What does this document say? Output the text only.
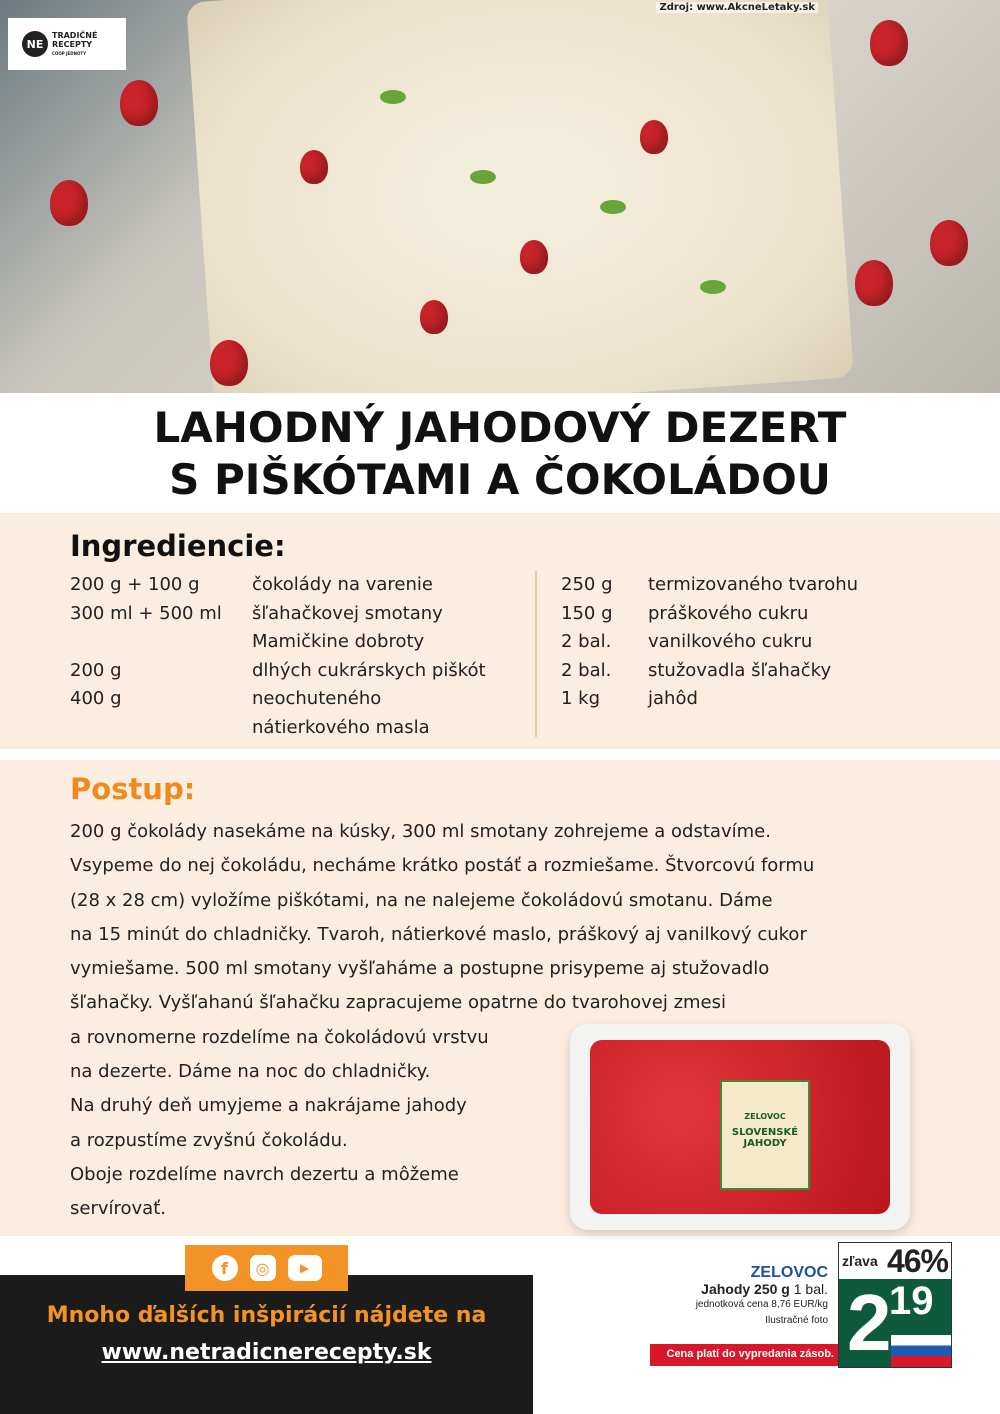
NE
TRADIČNÉ
RECEPTY
COOP JEDNOTY
Zdroj: www.AkcneLetaky.sk
LAHODNÝ JAHODOVÝ DEZERT
S PIŠKÓTAMI A ČOKOLÁDOU
Ingrediencie:
200 g + 100 g	čokolády na varenie
300 ml + 500 ml šľahačkovej smotany
Mamičkine dobroty
200 g	dlhých cukrárskych piškót
400 g	neochuteného
nátierkového masla
250 g termizovaného tvarohu
150 g práškového cukru
2 bal. vanilkového cukru
2 bal. stužovadla šľahačky
1 kg	jahôd
Postup:
200 g čokolády nasekáme na kúsky, 300 ml smotany zohrejeme a odstavíme.
Vsypeme do nej čokoládu, necháme krátko postáť a rozmiešame. Štvorcovú formu
(28 x 28 cm) vyložíme piškótami, na ne nalejeme čokoládovú smotanu. Dáme
na 15 minút do chladničky. Tvaroh, nátierkové maslo, práškový aj vanilkový cukor
vymiešame. 500 ml smotany vyšľaháme a postupne prisypeme aj stužovadlo
šľahačky. Vyšľahanú šľahačku zapracujeme opatrne do tvarohovej zmesi
a rovnomerne rozdelíme na čokoládovú vrstvu
na dezerte. Dáme na noc do chladničky.
Na druhý deň umyjeme a nakrájame jahody
a rozpustíme zvyšnú čokoládu.
Oboje rozdelíme navrch dezertu a môžeme
servírovať.
ZELOVOC
SLOVENSKÉ JAHODY
f	◎	▶
Mnoho ďalších inšpirácií nájdete na
www.netradicnerecepty.sk
ZELOVOC
Jahody 250 g 1 bal.
jednotková cena 8,76 EUR/kg
Ilustračné foto
Cena platí do vypredania zásob.
zľava 46%
2
19
